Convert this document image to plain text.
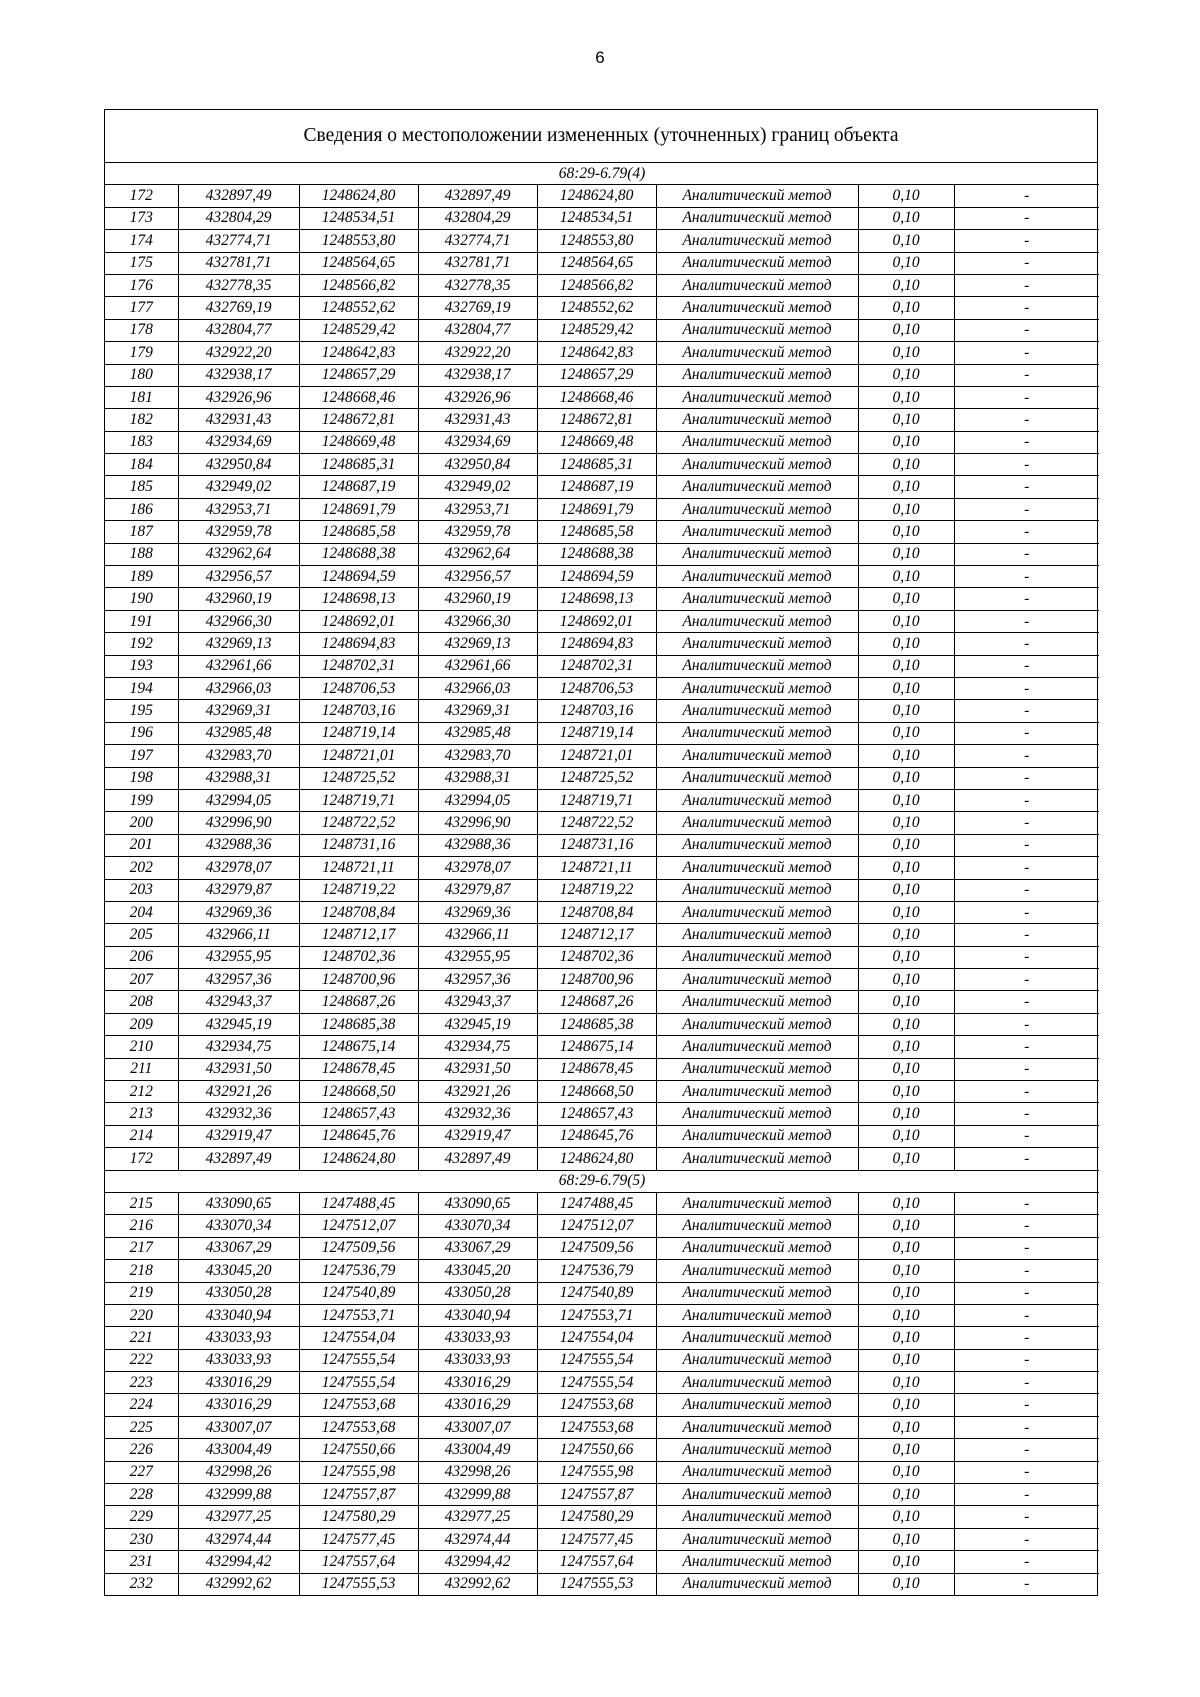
6
Сведения о местоположении измененных (уточненных) границ объекта
68:29-6.79(4)							
172	432897,49	1248624,80	432897,49	1248624,80	Аналитический метод	0,10	-
173	432804,29	1248534,51	432804,29	1248534,51	Аналитический метод	0,10	-
174	432774,71	1248553,80	432774,71	1248553,80	Аналитический метод	0,10	-
175	432781,71	1248564,65	432781,71	1248564,65	Аналитический метод	0,10	-
176	432778,35	1248566,82	432778,35	1248566,82	Аналитический метод	0,10	-
177	432769,19	1248552,62	432769,19	1248552,62	Аналитический метод	0,10	-
178	432804,77	1248529,42	432804,77	1248529,42	Аналитический метод	0,10	-
179	432922,20	1248642,83	432922,20	1248642,83	Аналитический метод	0,10	-
180	432938,17	1248657,29	432938,17	1248657,29	Аналитический метод	0,10	-
181	432926,96	1248668,46	432926,96	1248668,46	Аналитический метод	0,10	-
182	432931,43	1248672,81	432931,43	1248672,81	Аналитический метод	0,10	-
183	432934,69	1248669,48	432934,69	1248669,48	Аналитический метод	0,10	-
184	432950,84	1248685,31	432950,84	1248685,31	Аналитический метод	0,10	-
185	432949,02	1248687,19	432949,02	1248687,19	Аналитический метод	0,10	-
186	432953,71	1248691,79	432953,71	1248691,79	Аналитический метод	0,10	-
187	432959,78	1248685,58	432959,78	1248685,58	Аналитический метод	0,10	-
188	432962,64	1248688,38	432962,64	1248688,38	Аналитический метод	0,10	-
189	432956,57	1248694,59	432956,57	1248694,59	Аналитический метод	0,10	-
190	432960,19	1248698,13	432960,19	1248698,13	Аналитический метод	0,10	-
191	432966,30	1248692,01	432966,30	1248692,01	Аналитический метод	0,10	-
192	432969,13	1248694,83	432969,13	1248694,83	Аналитический метод	0,10	-
193	432961,66	1248702,31	432961,66	1248702,31	Аналитический метод	0,10	-
194	432966,03	1248706,53	432966,03	1248706,53	Аналитический метод	0,10	-
195	432969,31	1248703,16	432969,31	1248703,16	Аналитический метод	0,10	-
196	432985,48	1248719,14	432985,48	1248719,14	Аналитический метод	0,10	-
197	432983,70	1248721,01	432983,70	1248721,01	Аналитический метод	0,10	-
198	432988,31	1248725,52	432988,31	1248725,52	Аналитический метод	0,10	-
199	432994,05	1248719,71	432994,05	1248719,71	Аналитический метод	0,10	-
200	432996,90	1248722,52	432996,90	1248722,52	Аналитический метод	0,10	-
201	432988,36	1248731,16	432988,36	1248731,16	Аналитический метод	0,10	-
202	432978,07	1248721,11	432978,07	1248721,11	Аналитический метод	0,10	-
203	432979,87	1248719,22	432979,87	1248719,22	Аналитический метод	0,10	-
204	432969,36	1248708,84	432969,36	1248708,84	Аналитический метод	0,10	-
205	432966,11	1248712,17	432966,11	1248712,17	Аналитический метод	0,10	-
206	432955,95	1248702,36	432955,95	1248702,36	Аналитический метод	0,10	-
207	432957,36	1248700,96	432957,36	1248700,96	Аналитический метод	0,10	-
208	432943,37	1248687,26	432943,37	1248687,26	Аналитический метод	0,10	-
209	432945,19	1248685,38	432945,19	1248685,38	Аналитический метод	0,10	-
210	432934,75	1248675,14	432934,75	1248675,14	Аналитический метод	0,10	-
211	432931,50	1248678,45	432931,50	1248678,45	Аналитический метод	0,10	-
212	432921,26	1248668,50	432921,26	1248668,50	Аналитический метод	0,10	-
213	432932,36	1248657,43	432932,36	1248657,43	Аналитический метод	0,10	-
214	432919,47	1248645,76	432919,47	1248645,76	Аналитический метод	0,10	-
172	432897,49	1248624,80	432897,49	1248624,80	Аналитический метод	0,10	-
68:29-6.79(5)							
215	433090,65	1247488,45	433090,65	1247488,45	Аналитический метод	0,10	-
216	433070,34	1247512,07	433070,34	1247512,07	Аналитический метод	0,10	-
217	433067,29	1247509,56	433067,29	1247509,56	Аналитический метод	0,10	-
218	433045,20	1247536,79	433045,20	1247536,79	Аналитический метод	0,10	-
219	433050,28	1247540,89	433050,28	1247540,89	Аналитический метод	0,10	-
220	433040,94	1247553,71	433040,94	1247553,71	Аналитический метод	0,10	-
221	433033,93	1247554,04	433033,93	1247554,04	Аналитический метод	0,10	-
222	433033,93	1247555,54	433033,93	1247555,54	Аналитический метод	0,10	-
223	433016,29	1247555,54	433016,29	1247555,54	Аналитический метод	0,10	-
224	433016,29	1247553,68	433016,29	1247553,68	Аналитический метод	0,10	-
225	433007,07	1247553,68	433007,07	1247553,68	Аналитический метод	0,10	-
226	433004,49	1247550,66	433004,49	1247550,66	Аналитический метод	0,10	-
227	432998,26	1247555,98	432998,26	1247555,98	Аналитический метод	0,10	-
228	432999,88	1247557,87	432999,88	1247557,87	Аналитический метод	0,10	-
229	432977,25	1247580,29	432977,25	1247580,29	Аналитический метод	0,10	-
230	432974,44	1247577,45	432974,44	1247577,45	Аналитический метод	0,10	-
231	432994,42	1247557,64	432994,42	1247557,64	Аналитический метод	0,10	-
232	432992,62	1247555,53	432992,62	1247555,53	Аналитический метод	0,10	-
